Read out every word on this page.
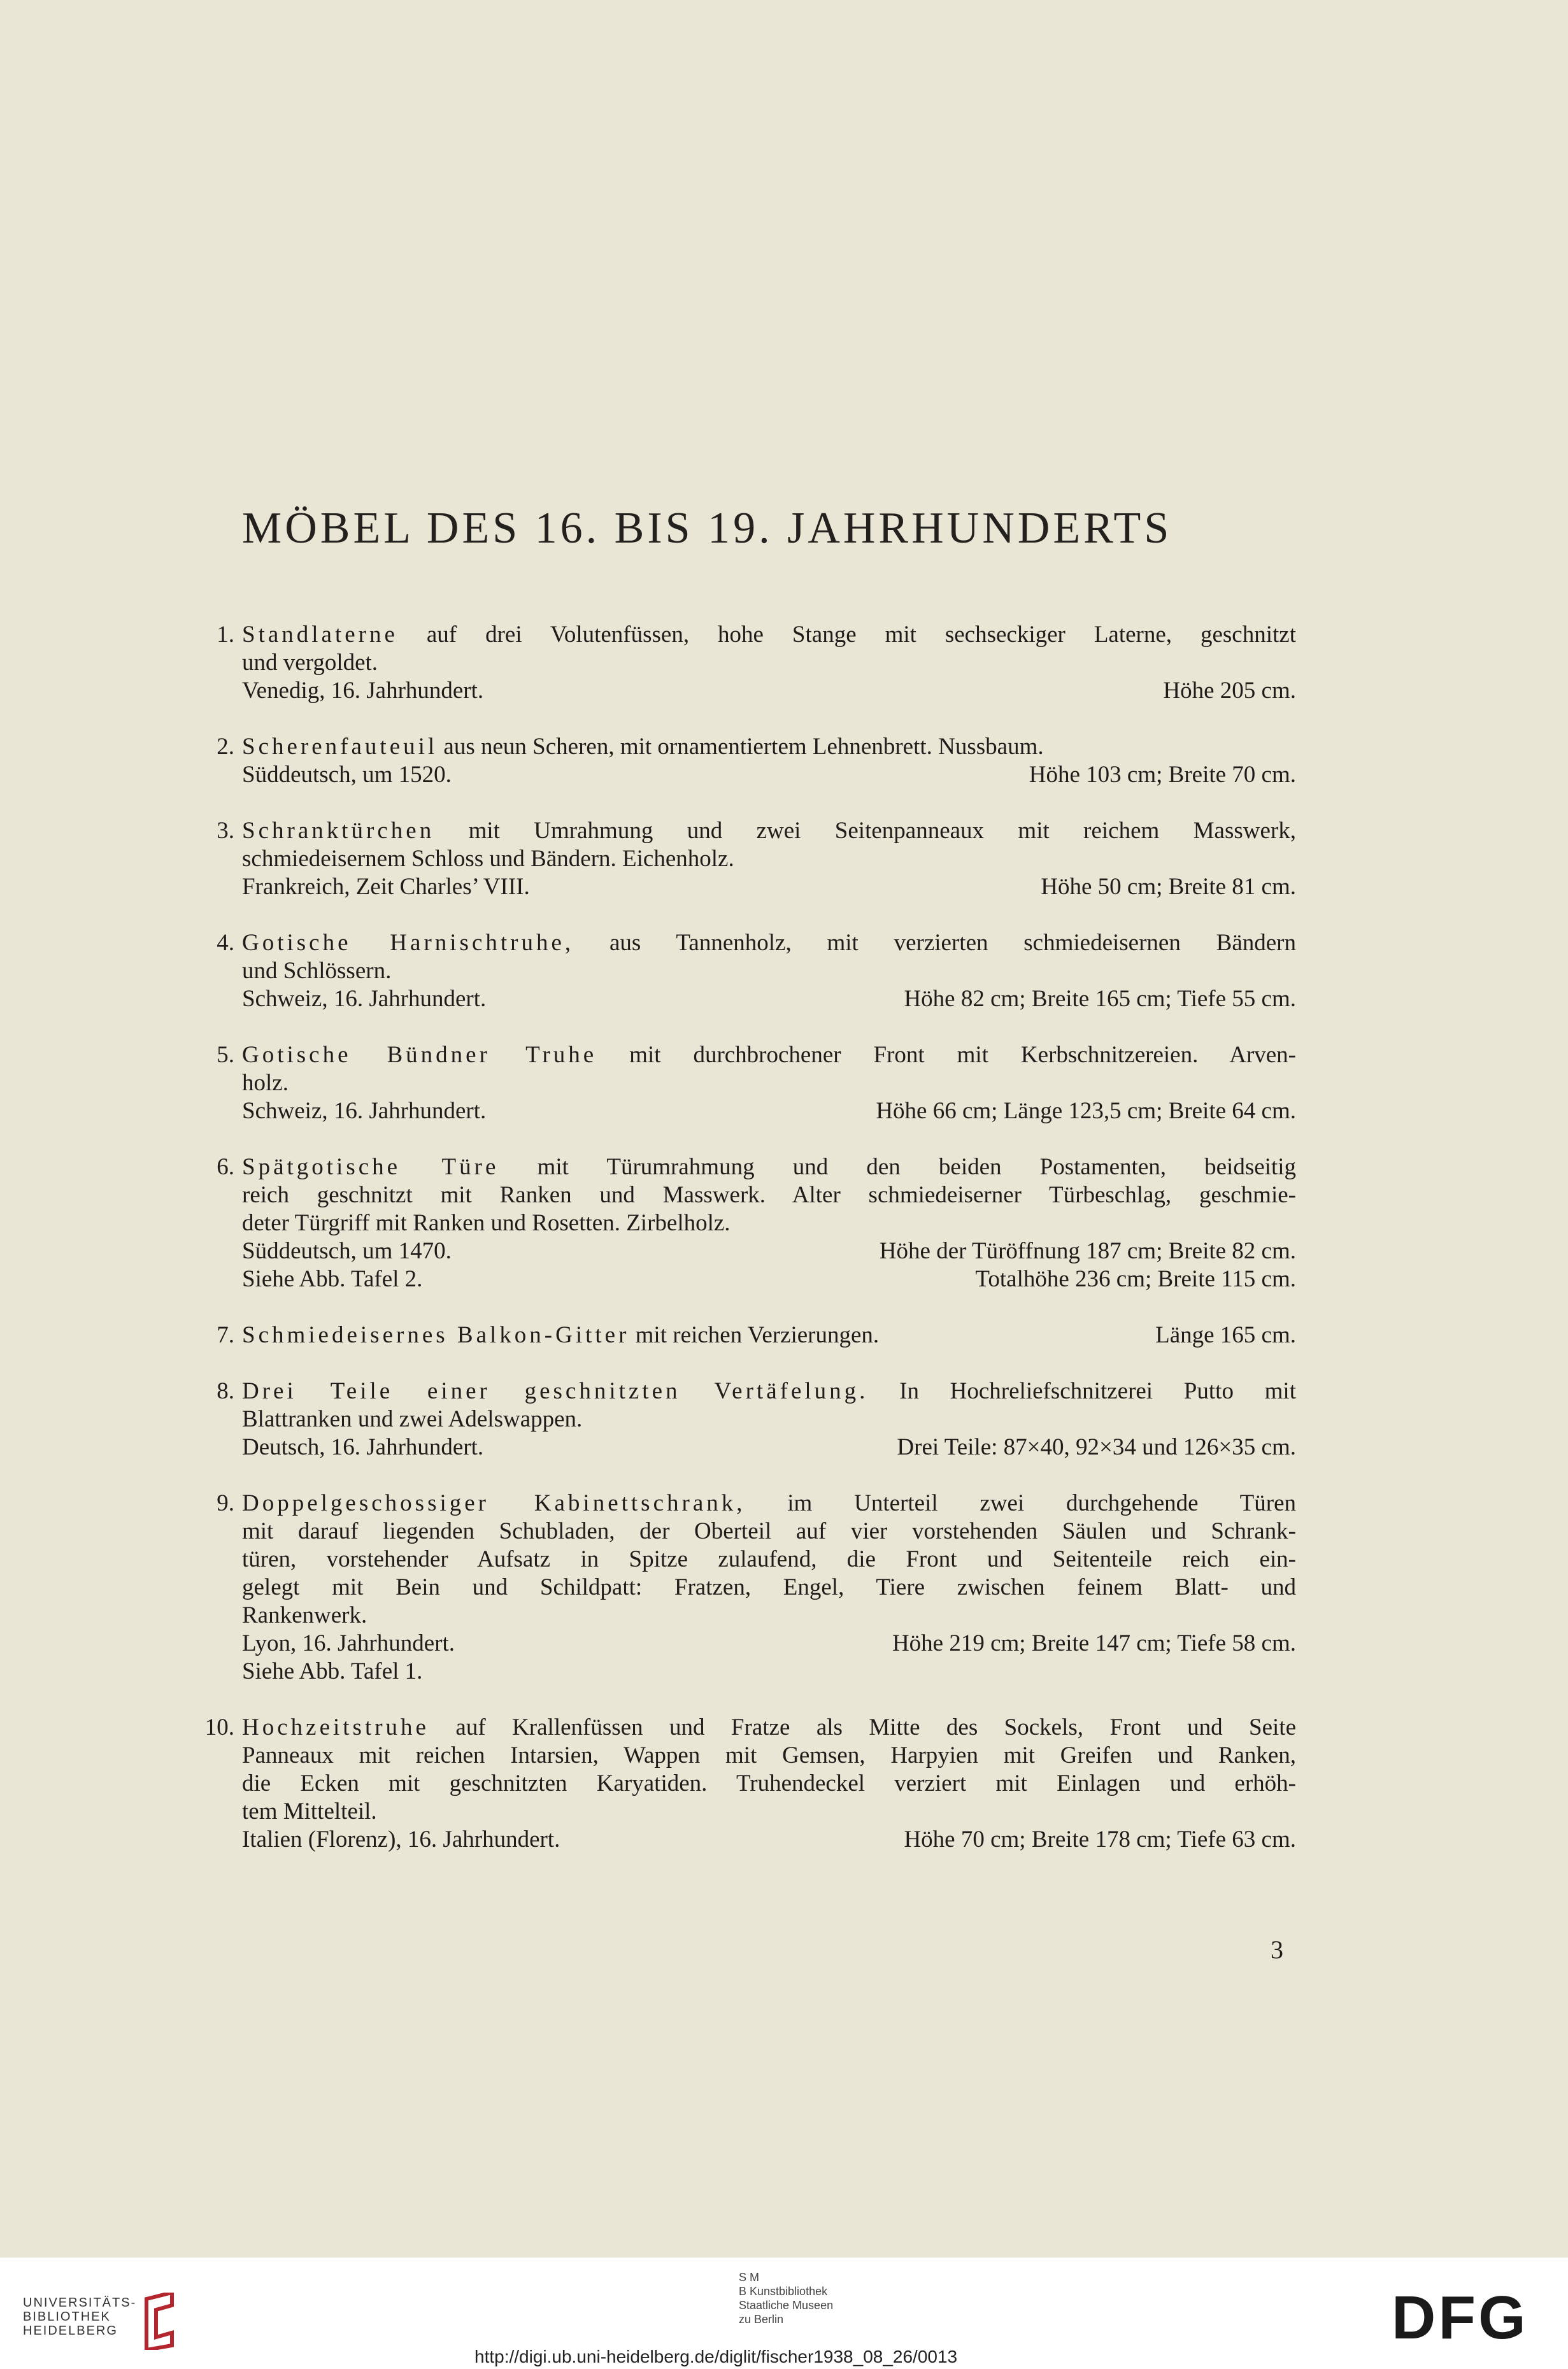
MÖBEL DES 16. BIS 19. JAHRHUNDERTS
1. Standlaterne auf drei Volutenfüssen, hohe Stange mit sechseckiger Laterne, geschnitzt
und vergoldet.
Venedig, 16. Jahrhundert.	Höhe 205 cm.
2. Scherenfauteuil aus neun Scheren, mit ornamentiertem Lehnenbrett. Nussbaum.
Süddeutsch, um 1520.	Höhe 103 cm; Breite 70 cm.
3. Schranktürchen mit Umrahmung und zwei Seitenpanneaux mit reichem Masswerk,
schmiedeisernem Schloss und Bändern. Eichenholz.
Frankreich, Zeit Charles’ VIII.	Höhe 50 cm; Breite 81 cm.
4. Gotische Harnischtruhe, aus Tannenholz, mit verzierten schmiedeisernen Bändern
und Schlössern.
Schweiz, 16. Jahrhundert.	Höhe 82 cm; Breite 165 cm; Tiefe 55 cm.
5. Gotische Bündner Truhe mit durchbrochener Front mit Kerbschnitzereien. Arven-
holz.
Schweiz, 16. Jahrhundert.	Höhe 66 cm; Länge 123,5 cm; Breite 64 cm.
6. Spätgotische Türe mit Türumrahmung und den beiden Postamenten, beidseitig
reich geschnitzt mit Ranken und Masswerk. Alter schmiedeiserner Türbeschlag, geschmie-
deter Türgriff mit Ranken und Rosetten. Zirbelholz.
Süddeutsch, um 1470.	Höhe der Türöffnung 187 cm; Breite 82 cm.
Siehe Abb. Tafel 2.	Totalhöhe 236 cm; Breite 115 cm.
7. Schmiedeisernes Balkon-Gitter mit reichen Verzierungen.	Länge 165 cm.
8. Drei Teile einer geschnitzten Vertäfelung. In Hochreliefschnitzerei Putto mit
Blattranken und zwei Adelswappen.
Deutsch, 16. Jahrhundert.	Drei Teile: 87×40, 92×34 und 126×35 cm.
9. Doppelgeschossiger Kabinettschrank, im Unterteil zwei durchgehende Türen
mit darauf liegenden Schubladen, der Oberteil auf vier vorstehenden Säulen und Schrank-
türen, vorstehender Aufsatz in Spitze zulaufend, die Front und Seitenteile reich ein-
gelegt mit Bein und Schildpatt: Fratzen, Engel, Tiere zwischen feinem Blatt- und
Rankenwerk.
Lyon, 16. Jahrhundert.	Höhe 219 cm; Breite 147 cm; Tiefe 58 cm.
Siehe Abb. Tafel 1.
10. Hochzeitstruhe auf Krallenfüssen und Fratze als Mitte des Sockels, Front und Seite
Panneaux mit reichen Intarsien, Wappen mit Gemsen, Harpyien mit Greifen und Ranken,
die Ecken mit geschnitzten Karyatiden. Truhendeckel verziert mit Einlagen und erhöh-
tem Mittelteil.
Italien (Florenz), 16. Jahrhundert.	Höhe 70 cm; Breite 178 cm; Tiefe 63 cm.
3
UNIVERSITÄTS-
BIBLIOTHEK
HEIDELBERG
S M
B Kunstbibliothek
Staatliche Museen
zu Berlin	DFG
http://digi.ub.uni-heidelberg.de/diglit/fischer1938_08_26/0013
